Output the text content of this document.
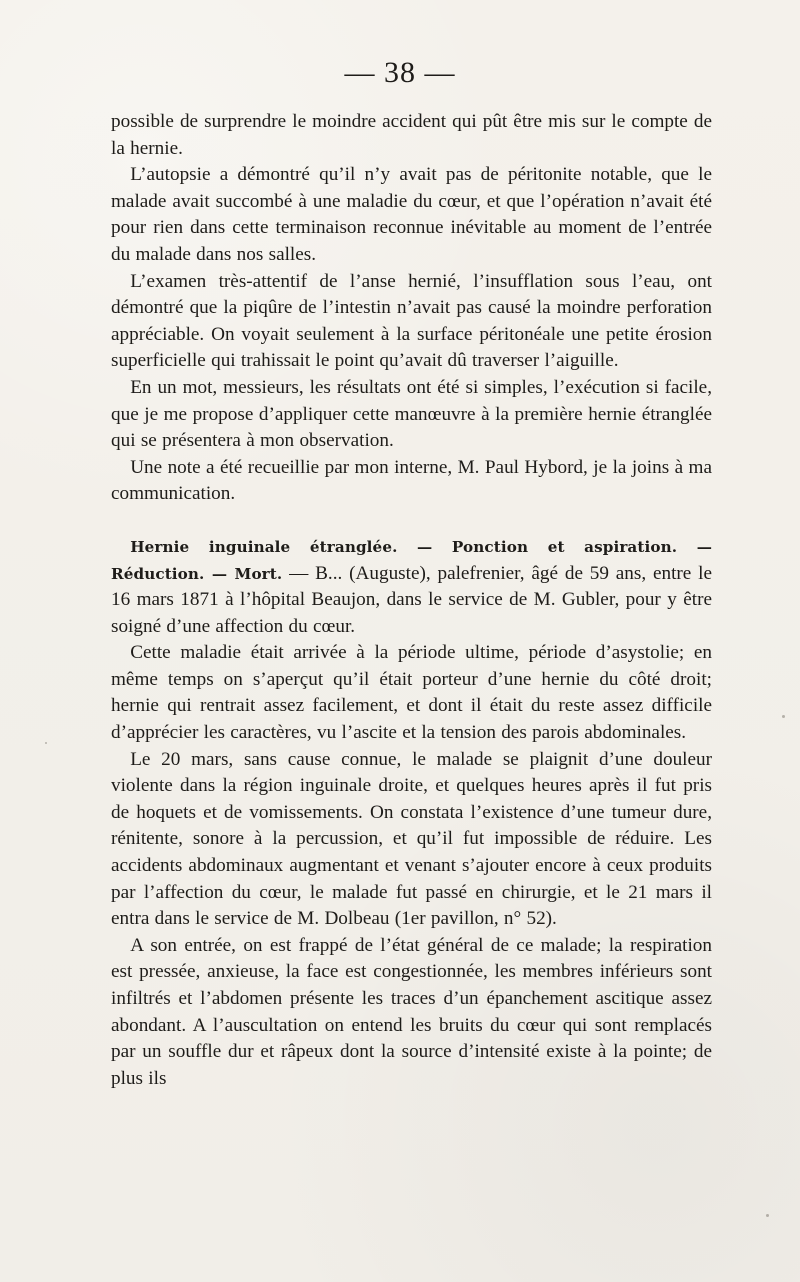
— 38 —

possible de surprendre le moindre accident qui pût être mis sur le compte de la hernie.

L’autopsie a démontré qu’il n’y avait pas de péritonite notable, que le malade avait succombé à une maladie du cœur, et que l’opération n’avait été pour rien dans cette terminaison reconnue inévitable au moment de l’entrée du malade dans nos salles.

L’examen très-attentif de l’anse hernié, l’insufflation sous l’eau, ont démontré que la piqûre de l’intestin n’avait pas causé la moindre perforation appréciable. On voyait seulement à la surface péritonéale une petite érosion superficielle qui trahissait le point qu’avait dû traverser l’aiguille.

En un mot, messieurs, les résultats ont été si simples, l’exécution si facile, que je me propose d’appliquer cette manœuvre à la première hernie étranglée qui se présentera à mon observation.

Une note a été recueillie par mon interne, M. Paul Hybord, je la joins à ma communication.

Hernie inguinale étranglée. — Ponction et aspiration. — Réduction. — Mort. — B... (Auguste), palefrenier, âgé de 59 ans, entre le 16 mars 1871 à l’hôpital Beaujon, dans le service de M. Gubler, pour y être soigné d’une affection du cœur.

Cette maladie était arrivée à la période ultime, période d’asystolie; en même temps on s’aperçut qu’il était porteur d’une hernie du côté droit; hernie qui rentrait assez facilement, et dont il était du reste assez difficile d’apprécier les caractères, vu l’ascite et la tension des parois abdominales.

Le 20 mars, sans cause connue, le malade se plaignit d’une douleur violente dans la région inguinale droite, et quelques heures après il fut pris de hoquets et de vomissements. On constata l’existence d’une tumeur dure, rénitente, sonore à la percussion, et qu’il fut impossible de réduire. Les accidents abdominaux augmentant et venant s’ajouter encore à ceux produits par l’affection du cœur, le malade fut passé en chirurgie, et le 21 mars il entra dans le service de M. Dolbeau (1er pavillon, n° 52).

A son entrée, on est frappé de l’état général de ce malade; la respiration est pressée, anxieuse, la face est congestionnée, les membres inférieurs sont infiltrés et l’abdomen présente les traces d’un épanchement ascitique assez abondant. A l’auscultation on entend les bruits du cœur qui sont remplacés par un souffle dur et râpeux dont la source d’intensité existe à la pointe; de plus ils
